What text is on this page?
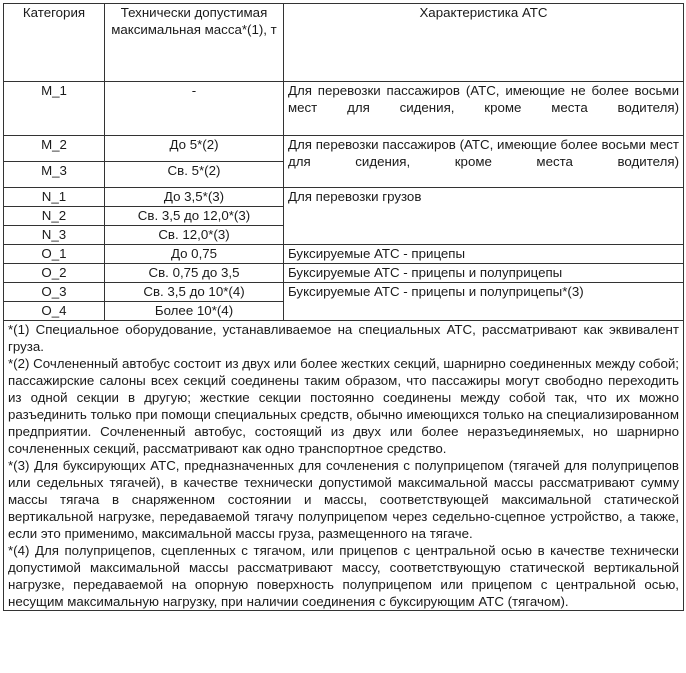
Категория	Технически допустимая максимальная масса*(1), т	Характеристика АТС
M_1	-	Для перевозки пассажиров (АТС, имеющие не более восьми мест для сидения, кроме места водителя)

M_2	До 5*(2)	Для перевозки пассажиров (АТС, имеющие более восьми мест для сидения, кроме места водителя)

M_3	Св. 5*(2)	
N_1	До 3,5*(3)	Для перевозки грузов
N_2	Св. 3,5 до 12,0*(3)	
N_3	Св. 12,0*(3)	
O_1	До 0,75	Буксируемые АТС - прицепы
O_2	Св. 0,75 до 3,5	Буксируемые АТС - прицепы и полуприцепы
O_3	Св. 3,5 до 10*(4)	Буксируемые АТС - прицепы и полуприцепы*(3)
O_4	Более 10*(4)	

*(1) Специальное оборудование, устанавливаемое на специальных АТС, рассматривают как эквивалент груза.
*(2) Сочлененный автобус состоит из двух или более жестких секций, шарнирно соединенных между собой; пассажирские салоны всех секций соединены таким образом, что пассажиры могут свободно переходить из одной секции в другую; жесткие секции постоянно соединены между собой так, что их можно разъединить только при помощи специальных средств, обычно имеющихся только на специализированном предприятии. Сочлененный автобус, состоящий из двух или более неразъединяемых, но шарнирно сочлененных секций, рассматривают как одно транспортное средство.
*(3) Для буксирующих АТС, предназначенных для сочленения с полуприцепом (тягачей для полуприцепов или седельных тягачей), в качестве технически допустимой максимальной массы рассматривают сумму массы тягача в снаряженном состоянии и массы, соответствующей максимальной статической вертикальной нагрузке, передаваемой тягачу полуприцепом через седельно-сцепное устройство, а также, если это применимо, максимальной массы груза, размещенного на тягаче.
*(4) Для полуприцепов, сцепленных с тягачом, или прицепов с центральной осью в качестве технически допустимой максимальной массы рассматривают массу, соответствующую статической вертикальной нагрузке, передаваемой на опорную поверхность полуприцепом или прицепом с центральной осью, несущим максимальную нагрузку, при наличии соединения с буксирующим АТС (тягачом).		
